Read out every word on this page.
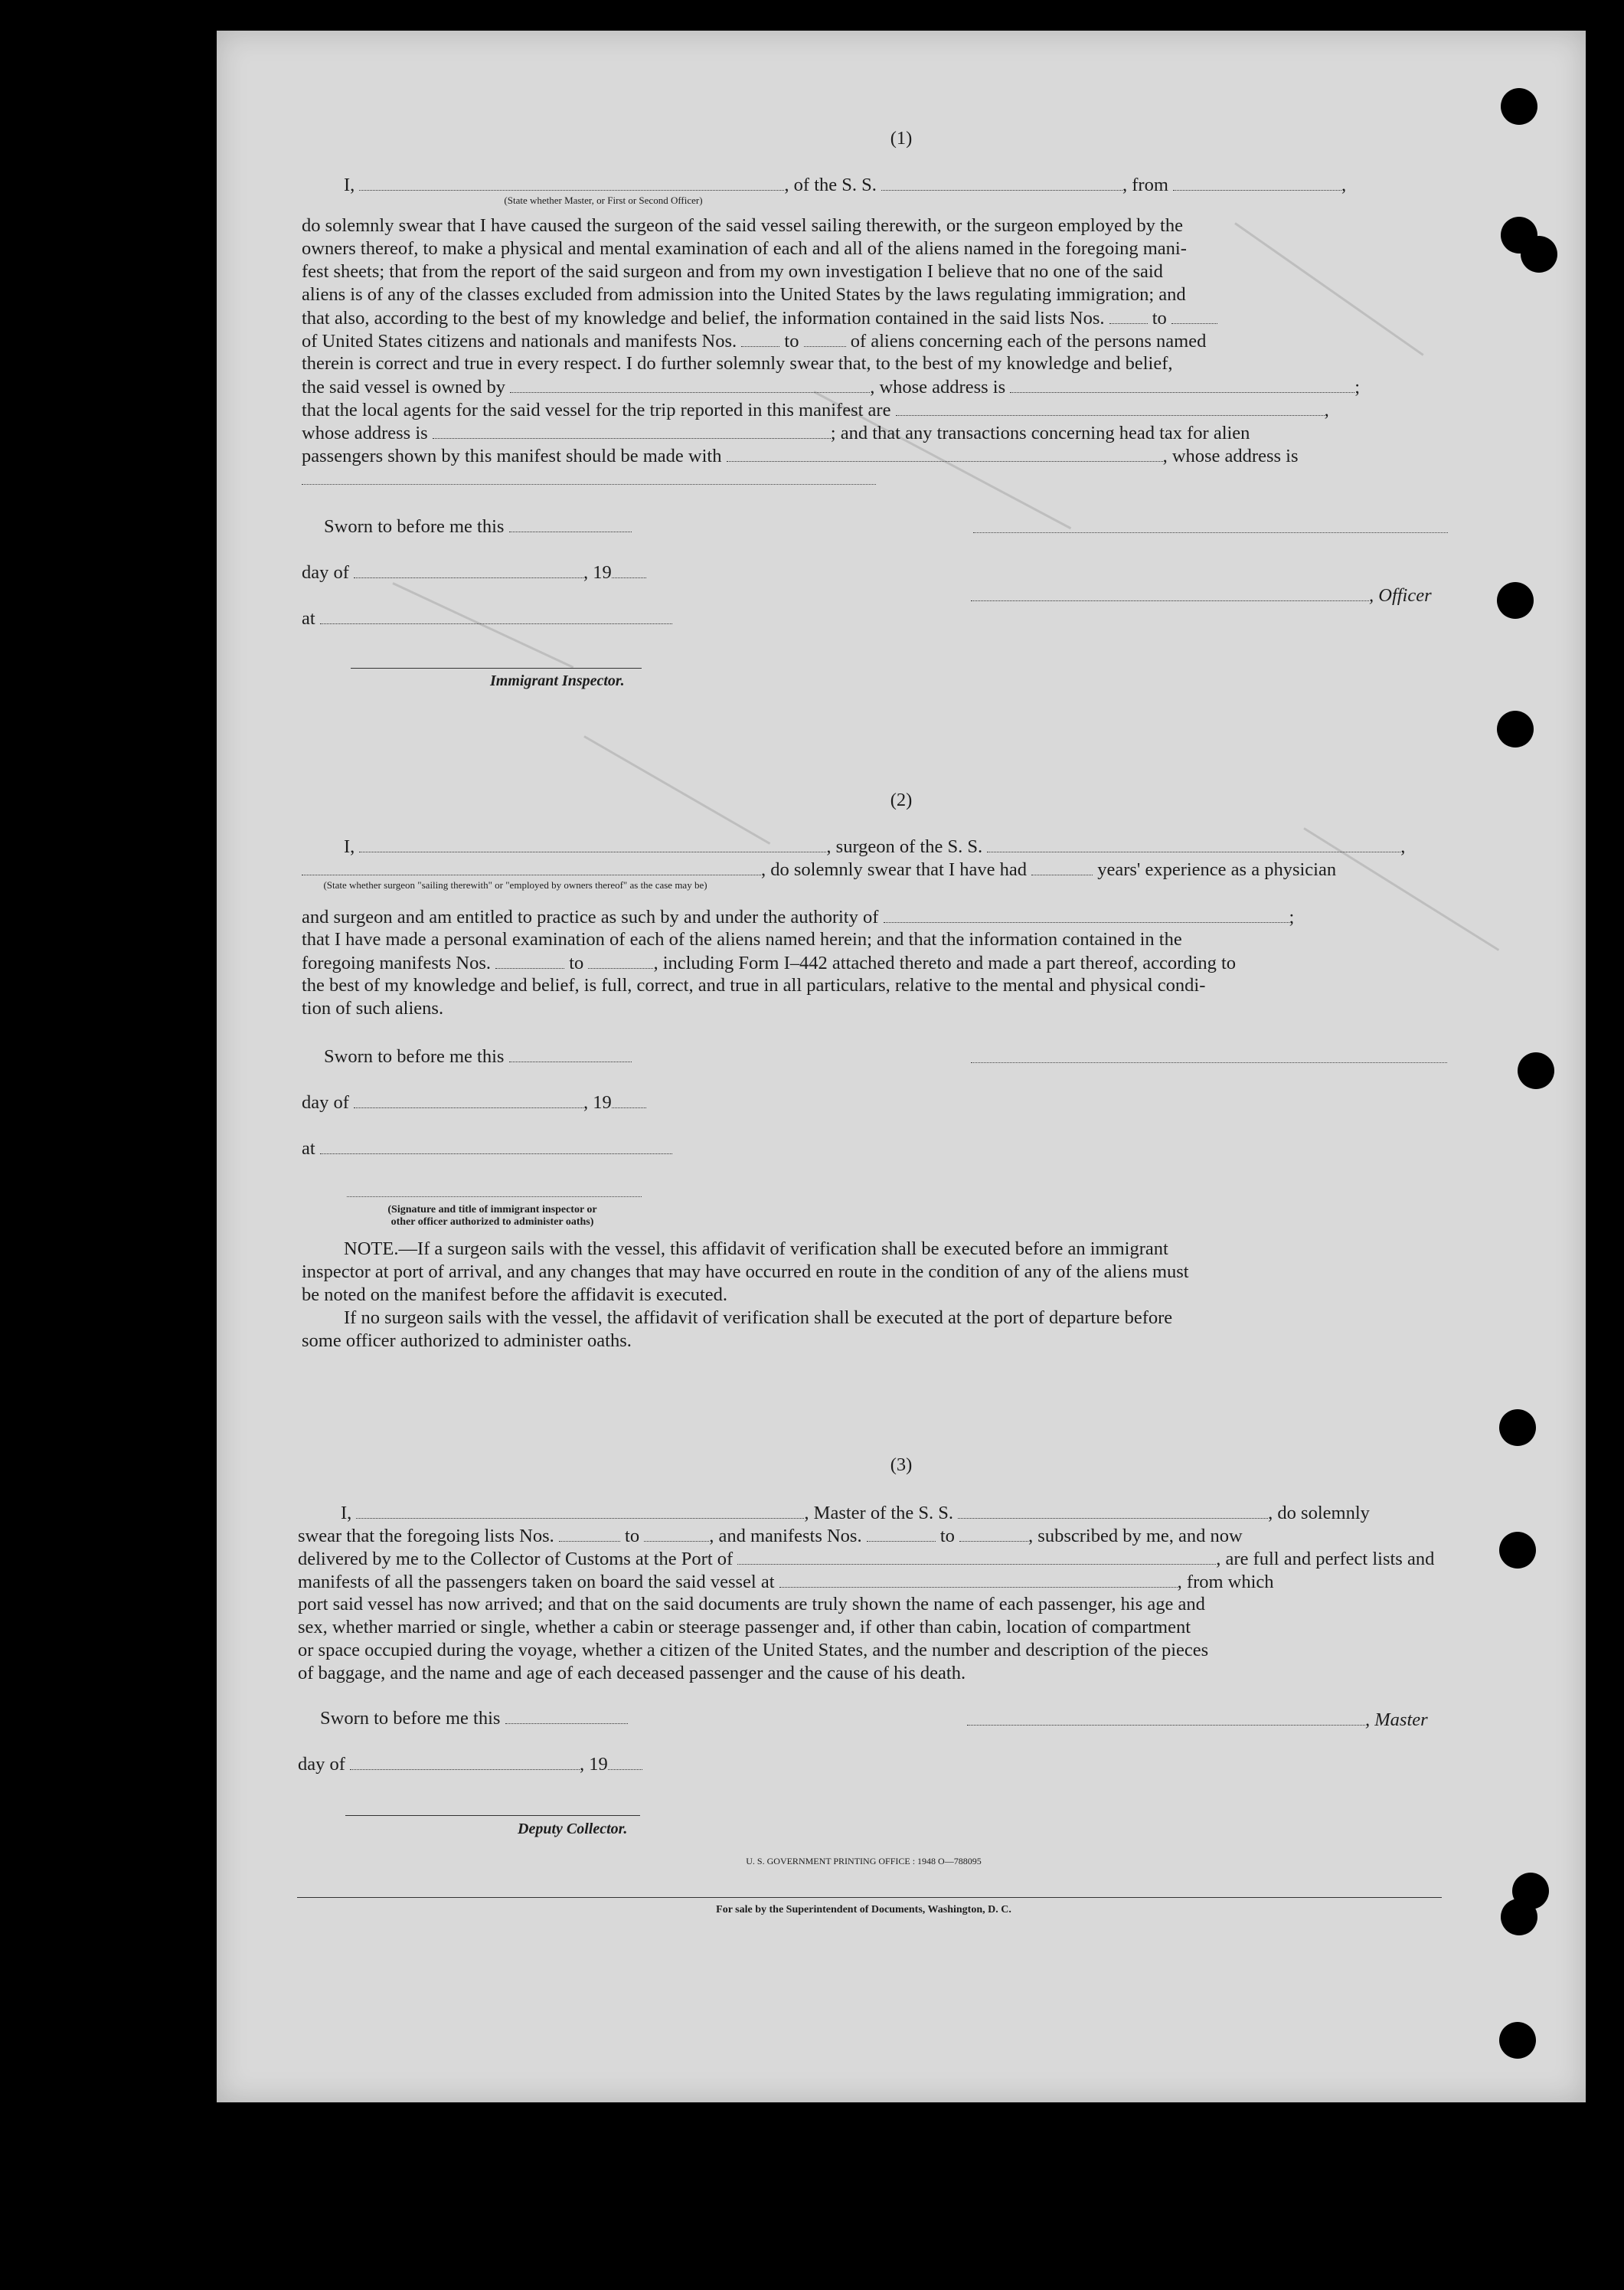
(1)
I,	, of the S. S.	, from	,
(State whether Master, or First or Second Officer)
do solemnly swear that I have caused the surgeon of the said vessel sailing therewith, or the surgeon employed by the
owners thereof, to make a physical and mental examination of each and all of the aliens named in the foregoing mani-
fest sheets; that from the report of the said surgeon and from my own investigation I believe that no one of the said
aliens is of any of the classes excluded from admission into the United States by the laws regulating immigration; and
that also, according to the best of my knowledge and belief, the information contained in the said lists Nos.	to
of United States citizens and nationals and manifests Nos.	to	of aliens concerning each of the persons named
therein is correct and true in every respect. I do further solemnly swear that, to the best of my knowledge and belief,
the said vessel is owned by	, whose address is	;
that the local agents for the said vessel for the trip reported in this manifest are	,
whose address is	; and that any transactions concerning head tax for alien
passengers shown by this manifest should be made with	, whose address is
Sworn to before me this
day of	, 19
, Officer
at
Immigrant Inspector.
(2)
I,	, surgeon of the S. S.	,
, do solemnly swear that I have had	years' experience as a physician
(State whether surgeon "sailing therewith" or "employed by owners thereof" as the case may be)
and surgeon and am entitled to practice as such by and under the authority of	;
that I have made a personal examination of each of the aliens named herein; and that the information contained in the
foregoing manifests Nos.	to	, including Form I–442 attached thereto and made a part thereof, according to
the best of my knowledge and belief, is full, correct, and true in all particulars, relative to the mental and physical condi-
tion of such aliens.
Sworn to before me this
day of	, 19
at
(Signature and title of immigrant inspector or
other officer authorized to administer oaths)
NOTE.—If a surgeon sails with the vessel, this affidavit of verification shall be executed before an immigrant
inspector at port of arrival, and any changes that may have occurred en route in the condition of any of the aliens must
be noted on the manifest before the affidavit is executed.
If no surgeon sails with the vessel, the affidavit of verification shall be executed at the port of departure before
some officer authorized to administer oaths.
(3)
I,	, Master of the S. S.	, do solemnly
swear that the foregoing lists Nos.	to	, and manifests Nos.	to	, subscribed by me, and now
delivered by me to the Collector of Customs at the Port of	, are full and perfect lists and
manifests of all the passengers taken on board the said vessel at	, from which
port said vessel has now arrived; and that on the said documents are truly shown the name of each passenger, his age and
sex, whether married or single, whether a cabin or steerage passenger and, if other than cabin, location of compartment
or space occupied during the voyage, whether a citizen of the United States, and the number and description of the pieces
of baggage, and the name and age of each deceased passenger and the cause of his death.
Sworn to before me this	, Master
day of	, 19
Deputy Collector.
U. S. GOVERNMENT PRINTING OFFICE : 1948 O—788095
For sale by the Superintendent of Documents, Washington, D. C.
